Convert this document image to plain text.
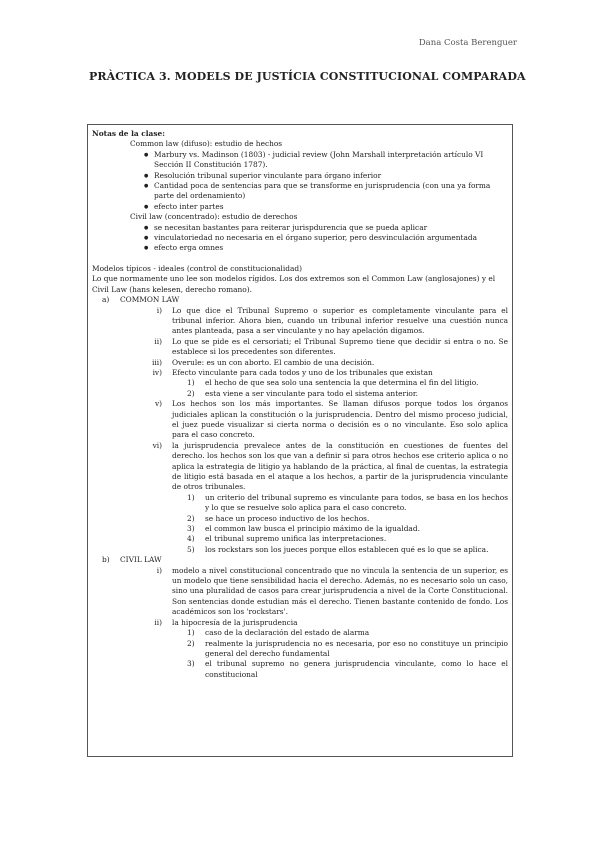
Dana Costa Berenguer
PRÀCTICA 3. MODELS DE JUSTÍCIA CONSTITUCIONAL COMPARADA

Notas de la clase:

Common law (difuso): estudio de hechos

● Marbury vs. Madinson (1803) - judicial review (John Marshall interpretación artículo VI Sección II Constitución 1787).
● Resolución tribunal superior vinculante para órgano inferior
● Cantidad poca de sentencias para que se transforme en jurisprudencia (con una ya forma parte del ordenamiento)
● efecto inter partes

Civil law (concentrado): estudio de derechos

● se necesitan bastantes para reiterar jurispdurencia que se pueda aplicar
● vinculatoriedad no necesaria en el órgano superior, pero desvinculación argumentada
● efecto erga omnes

Modelos típicos - ideales (control de constitucionalidad)

Lo que normamente uno lee son modelos rígidos. Los dos extremos son el Common Law (anglosajones) y el Civil Law (hans kelesen, derecho romano).

a) COMMON LAW

i) Lo que dice el Tribunal Supremo o superior es completamente vinculante para el tribunal inferior. Ahora bien, cuando un tribunal inferior resuelve una cuestión nunca antes planteada, pasa a ser vinculante y no hay apelación digamos.
ii) Lo que se pide es el cersoriati; el Tribunal Supremo tiene que decidir si entra o no. Se establece si los precedentes son diferentes.
iii) Overule: es un con aborto. El cambio de una decisión.
iv) Efecto vinculante para cada todos y uno de los tribunales que existan
1) el hecho de que sea solo una sentencia la que determina el fin del litigio.
2) esta viene a ser vinculante para todo el sistema anterior.
v) Los hechos son los más importantes. Se llaman difusos porque todos los órganos judiciales aplican la constitución o la jurisprudencia. Dentro del mismo proceso judicial, el juez puede visualizar si cierta norma o decisión es o no vinculante. Eso solo aplica para el caso concreto.
vi) la jurisprudencia prevalece antes de la constitución en cuestiones de fuentes del derecho. los hechos son los que van a definir si para otros hechos ese criterio aplica o no aplica la estrategia de litigio ya hablando de la práctica, al final de cuentas, la estrategia de litigio está basada en el ataque a los hechos, a partir de la jurisprudencia vinculante de otros tribunales.
1) un criterio del tribunal supremo es vinculante para todos, se basa en los hechos y lo que se resuelve solo aplica para el caso concreto.
2) se hace un proceso inductivo de los hechos.
3) el common law busca el principio máximo de la igualdad.
4) el tribunal supremo unifica las interpretaciones.
5) los rockstars son los jueces porque ellos establecen qué es lo que se aplica.

b) CIVIL LAW

i) modelo a nivel constitucional concentrado que no vincula la sentencia de un superior, es un modelo que tiene sensibilidad hacia el derecho. Además, no es necesario solo un caso, sino una pluralidad de casos para crear jurisprudencia a nivel de la Corte Constitucional. Son sentencias donde estudian más el derecho. Tienen bastante contenido de fondo. Los académicos son los 'rockstars'.
ii) la hipocresía de la jurisprudencia
1) caso de la declaración del estado de alarma
2) realmente la jurisprudencia no es necesaria, por eso no constituye un principio general del derecho fundamental
3) el tribunal supremo no genera jurisprudencia vinculante, como lo hace el constitucional
